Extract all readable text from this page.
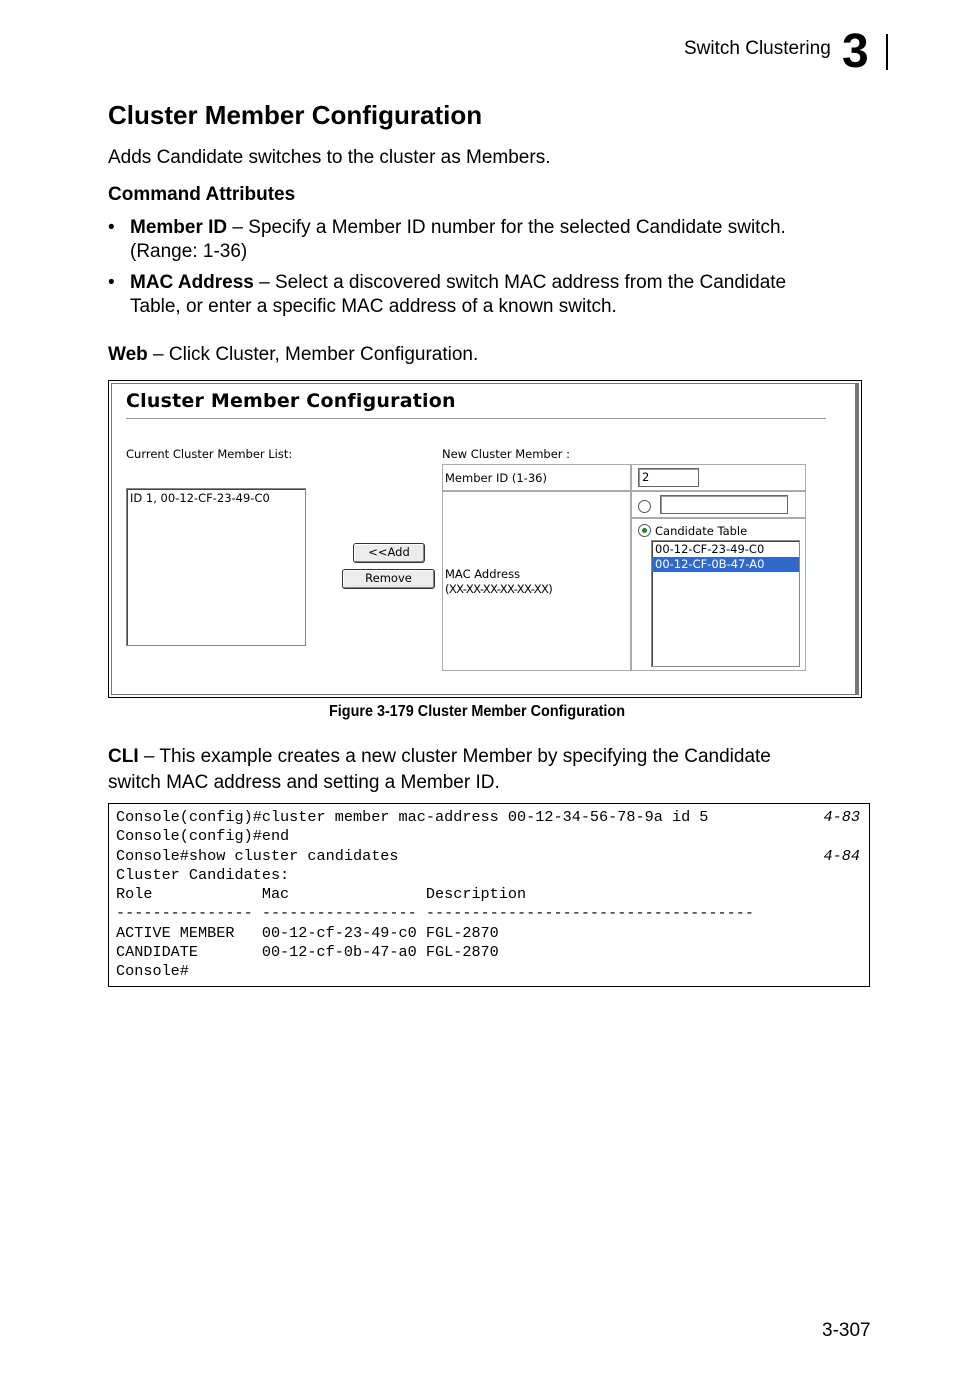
Switch Clustering 3
Cluster Member Configuration
Adds Candidate switches to the cluster as Members.
Command Attributes
• Member ID – Specify a Member ID number for the selected Candidate switch.
(Range: 1-36)
• MAC Address – Select a discovered switch MAC address from the Candidate
Table, or enter a specific MAC address of a known switch.
Web – Click Cluster, Member Configuration.
Cluster Member Configuration
Current Cluster Member List:
ID 1, 00-12-CF-23-49-C0
<<Add
Remove
New Cluster Member :
Member ID (1-36)	2
MAC Address
(XX-XX-XX-XX-XX-XX)
Candidate Table
00-12-CF-23-49-C0
00-12-CF-0B-47-A0
Figure 3-179 Cluster Member Configuration
CLI – This example creates a new cluster Member by specifying the Candidate
switch MAC address and setting a Member ID.
Console(config)#cluster member mac-address 00-12-34-56-78-9a id 5	4-83
Console(config)#end
Console#show cluster candidates	4-84
Cluster Candidates:
Role            Mac               Description
--------------- ----------------- ------------------------------------
ACTIVE MEMBER   00-12-cf-23-49-c0 FGL-2870
CANDIDATE       00-12-cf-0b-47-a0 FGL-2870
Console#
3-307
